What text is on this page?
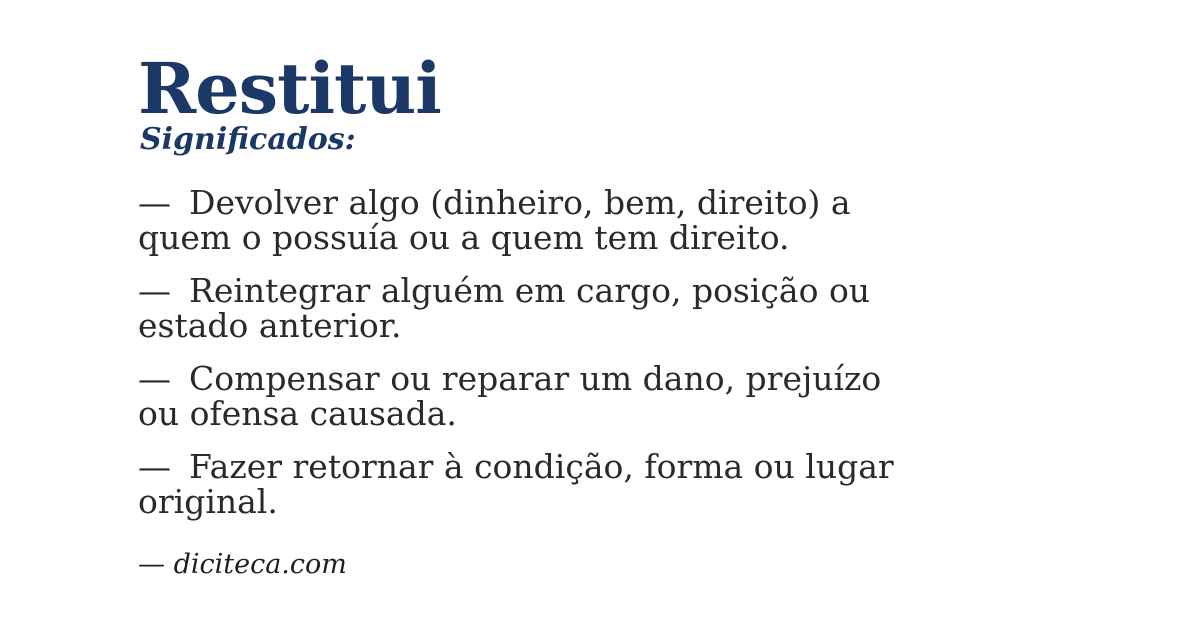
Restitui
Significados:

— Devolver algo (dinheiro, bem, direito) a quem o possuía ou a quem tem direito.

— Reintegrar alguém em cargo, posição ou estado anterior.

— Compensar ou reparar um dano, prejuízo ou ofensa causada.

— Fazer retornar à condição, forma ou lugar original.

— diciteca.com
